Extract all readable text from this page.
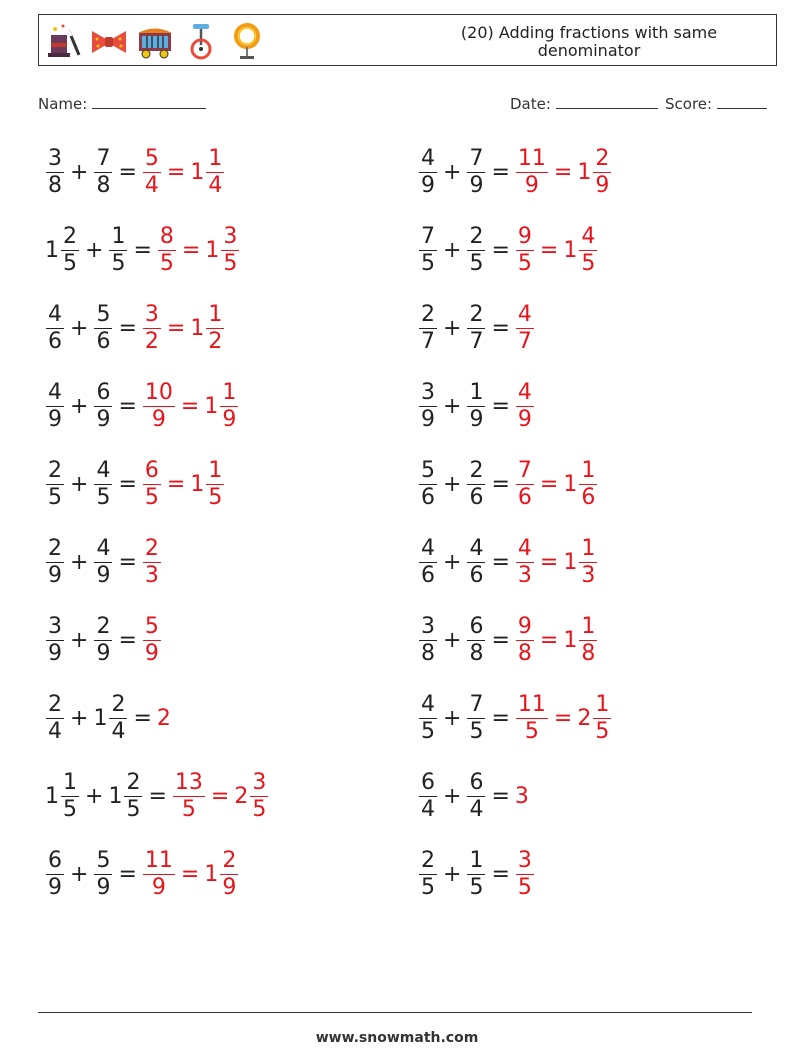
(20) Adding fractions with same
denominator
Name:	Date:	Score:
$\frac{3}{8} + \frac{7}{8} = \frac{5}{4} = 1 \frac{1}{4}$
$1 \frac{2}{5} + \frac{1}{5} = \frac{8}{5} = 1 \frac{3}{5}$
$\frac{4}{6} + \frac{5}{6} = \frac{3}{2} = 1 \frac{1}{2}$
$\frac{4}{9} + \frac{6}{9} = \frac{10}{9} = 1 \frac{1}{9}$
$\frac{2}{5} + \frac{4}{5} = \frac{6}{5} = 1 \frac{1}{5}$
$\frac{2}{9} + \frac{4}{9} = \frac{2}{3}$
$\frac{3}{9} + \frac{2}{9} = \frac{5}{9}$
$\frac{2}{4} + 1 \frac{2}{4} = 2$
$1 \frac{1}{5} + 1 \frac{2}{5} = \frac{13}{5} = 2 \frac{3}{5}$
$\frac{6}{9} + \frac{5}{9} = \frac{11}{9} = 1 \frac{2}{9}$
$\frac{4}{9} + \frac{7}{9} = \frac{11}{9} = 1 \frac{2}{9}$
$\frac{7}{5} + \frac{2}{5} = \frac{9}{5} = 1 \frac{4}{5}$
$\frac{2}{7} + \frac{2}{7} = \frac{4}{7}$
$\frac{3}{9} + \frac{1}{9} = \frac{4}{9}$
$\frac{5}{6} + \frac{2}{6} = \frac{7}{6} = 1 \frac{1}{6}$
$\frac{4}{6} + \frac{4}{6} = \frac{4}{3} = 1 \frac{1}{3}$
$\frac{3}{8} + \frac{6}{8} = \frac{9}{8} = 1 \frac{1}{8}$
$\frac{4}{5} + \frac{7}{5} = \frac{11}{5} = 2 \frac{1}{5}$
$\frac{6}{4} + \frac{6}{4} = 3$
$\frac{2}{5} + \frac{1}{5} = \frac{3}{5}$
www.snowmath.com
